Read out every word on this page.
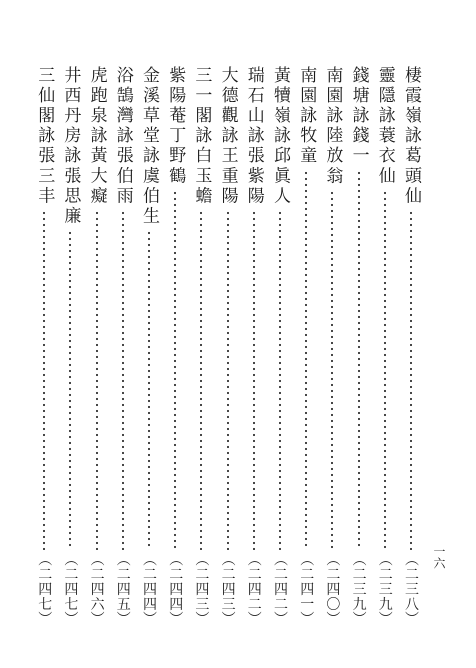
一六
棲霞嶺詠葛頭仙
（二三八）
靈隱詠蓑衣仙
（二三九）
錢塘詠錢一
（二三九）
南園詠陸放翁
（二四〇）
南園詠牧童
（二四一）
黃犢嶺詠邱眞人
（二四二）
瑞石山詠張紫陽
（二四二）
大德觀詠王重陽
（二四三）
三一閣詠白玉蟾
（二四三）
紫陽菴丁野鶴
（二四四）
金溪草堂詠虞伯生
（二四四）
浴鵠灣詠張伯雨
（二四五）
虎跑泉詠黃大癡
（二四六）
井西丹房詠張思廉
（二四七）
三仙閣詠張三丰
（二四七）
